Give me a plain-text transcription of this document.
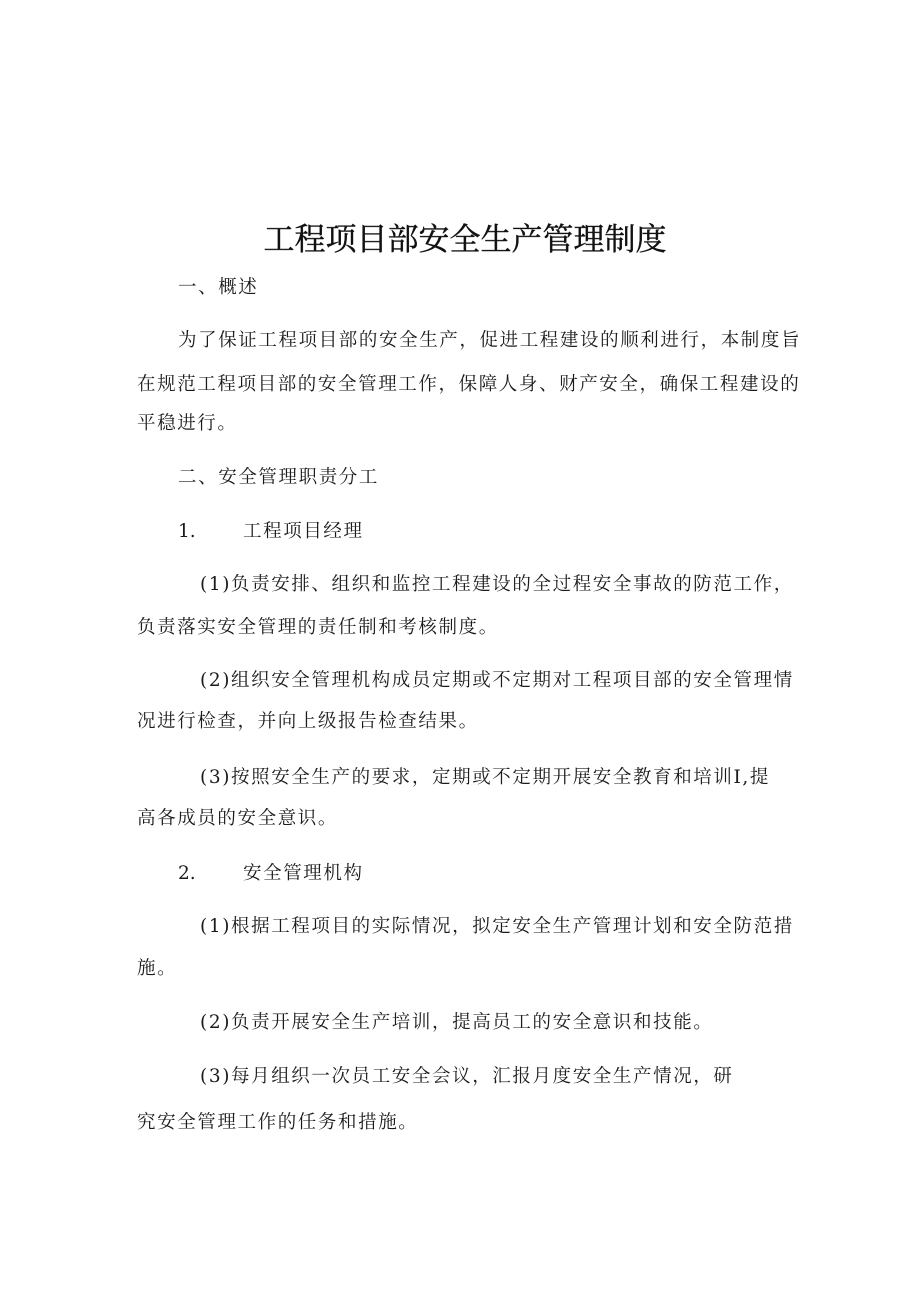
工程项目部安全生产管理制度

一、概述

为了保证工程项目部的安全生产，促进工程建设的顺利进行，本制度旨

在规范工程项目部的安全管理工作，保障人身、财产安全，确保工程建设的

平稳进行。

二、安全管理职责分工

1.	工程项目经理

(1)负责安排、组织和监控工程建设的全过程安全事故的防范工作，

负责落实安全管理的责任制和考核制度。

(2)组织安全管理机构成员定期或不定期对工程项目部的安全管理情

况进行检查，并向上级报告检查结果。

(3)按照安全生产的要求，定期或不定期开展安全教育和培训I,提

高各成员的安全意识。

2.	安全管理机构

(1)根据工程项目的实际情况，拟定安全生产管理计划和安全防范措

施。

(2)负责开展安全生产培训，提高员工的安全意识和技能。

(3)每月组织一次员工安全会议，汇报月度安全生产情况，研

究安全管理工作的任务和措施。
